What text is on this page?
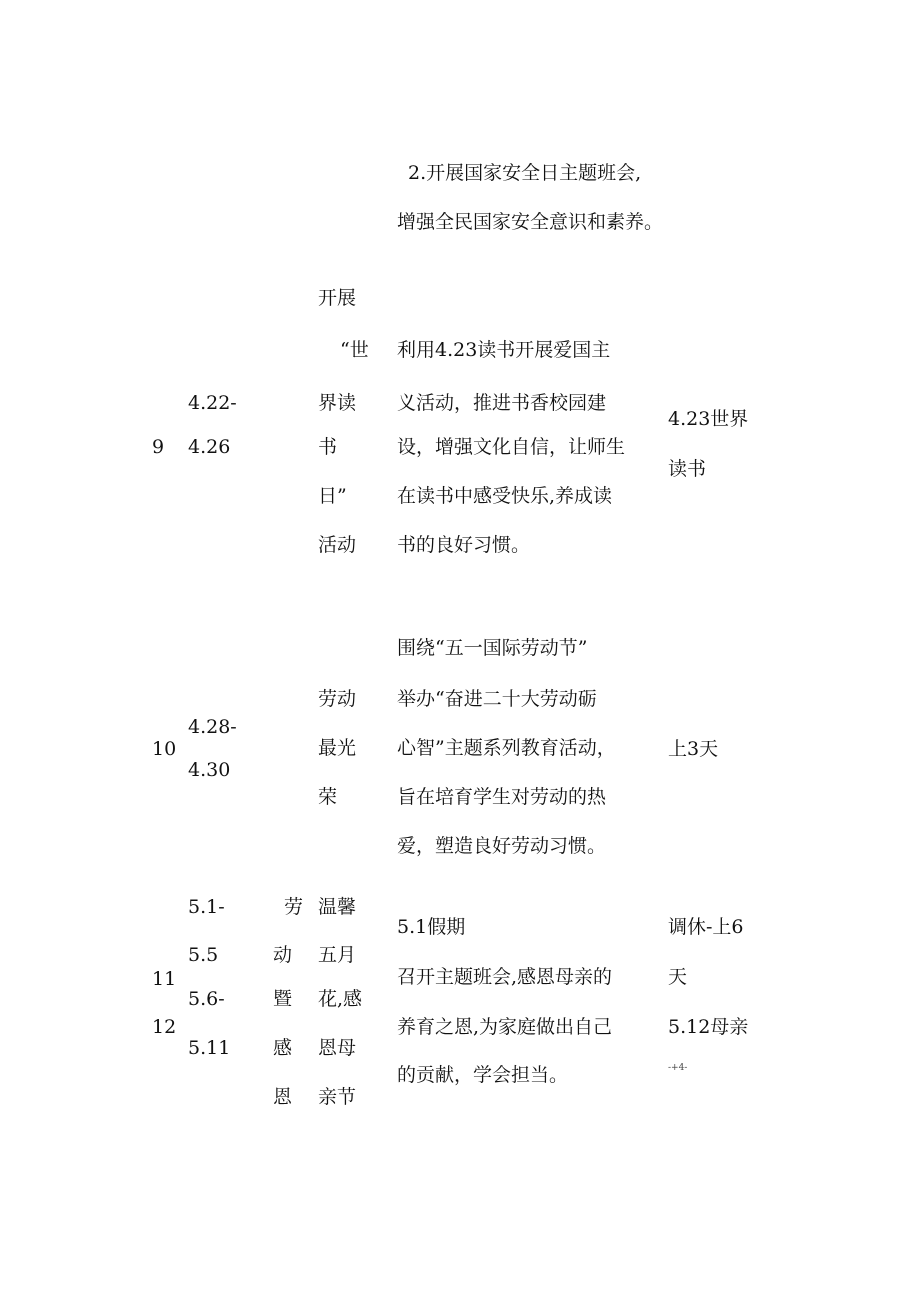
2.开展国家安全日主题班会,
增强全民国家安全意识和素养。
9
4.22-
4.26
开展
“世
界读
书
日”
活动
利用4.23读书开展爱国主
义活动，推进书香校园建
设，增强文化自信，让师生
在读书中感受快乐,养成读
书的良好习惯。
4.23世界
读书
10
4.28-
4.30
劳动
最光
荣
围绕“五一国际劳动节”
举办“奋进二十大劳动砺
心智”主题系列教育活动，
旨在培育学生对劳动的热
爱，塑造良好劳动习惯。
上3天
11
12
5.1-
5.5
5.6-
5.11
劳
动
暨
感
恩
温馨
五月
花,感
恩母
亲节
5.1假期
召开主题班会,感恩母亲的
养育之恩,为家庭做出自己
的贡献，学会担当。
调休-上6
天
5.12母亲
-+4-
